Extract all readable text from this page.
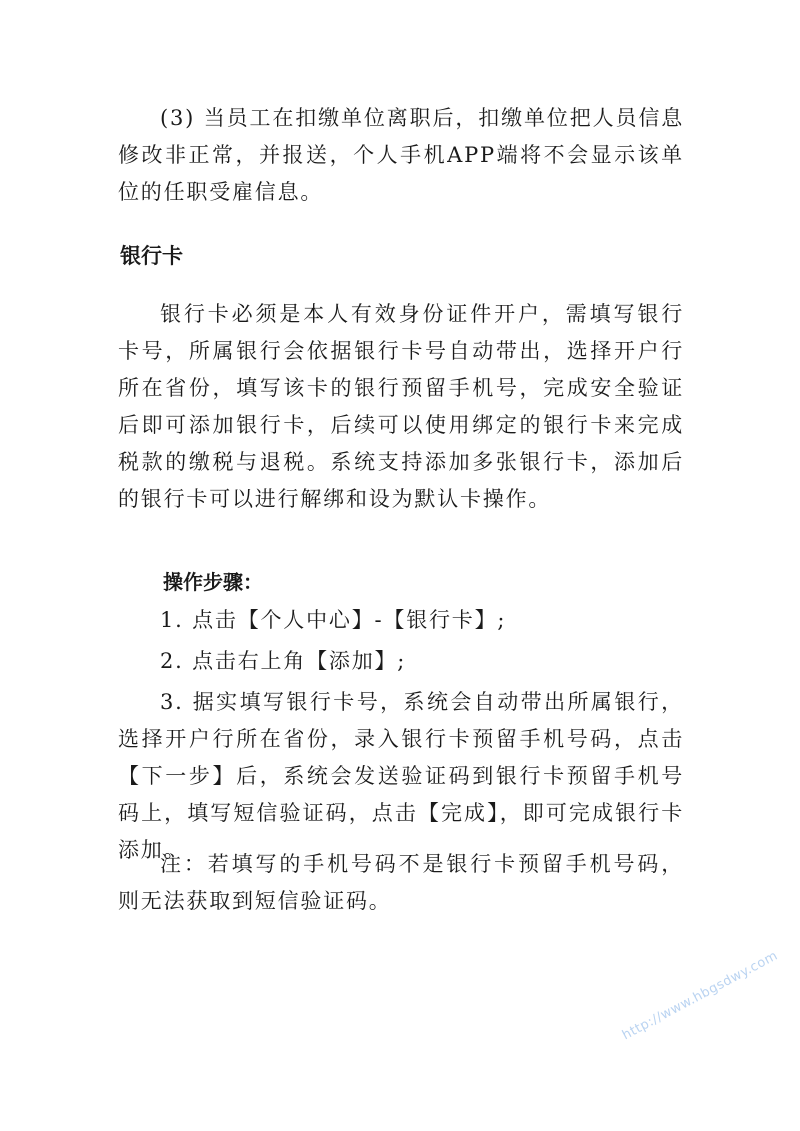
(3) 当员工在扣缴单位离职后，扣缴单位把人员信息修改非正常，并报送，个人手机APP端将不会显示该单位的任职受雇信息。

银行卡

银行卡必须是本人有效身份证件开户，需填写银行卡号，所属银行会依据银行卡号自动带出，选择开户行所在省份，填写该卡的银行预留手机号，完成安全验证后即可添加银行卡，后续可以使用绑定的银行卡来完成税款的缴税与退税。系统支持添加多张银行卡，添加后的银行卡可以进行解绑和设为默认卡操作。

操作步骤：

1. 点击【个人中心】-【银行卡】;

2. 点击右上角【添加】;

3. 据实填写银行卡号，系统会自动带出所属银行，选择开户行所在省份，录入银行卡预留手机号码，点击【下一步】后，系统会发送验证码到银行卡预留手机号码上，填写短信验证码，点击【完成】，即可完成银行卡添加。

注：若填写的手机号码不是银行卡预留手机号码，则无法获取到短信验证码。

http://www.hbgsdwy.com
